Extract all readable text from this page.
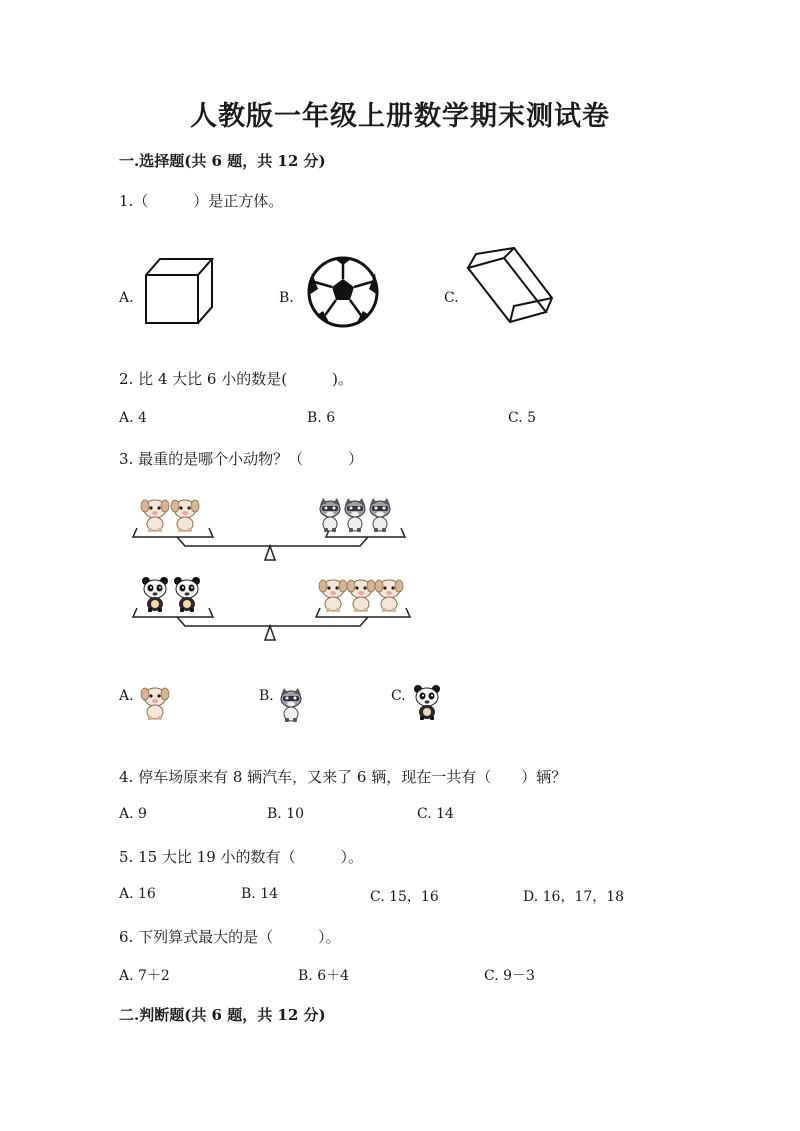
人教版一年级上册数学期末测试卷
一.选择题(共 6 题，共 12 分)
1.（　　　）是正方体。
A.	B.	C.
2. 比 4 大比 6 小的数是(　　　)。
A. 4	B. 6	C. 5
3. 最重的是哪个小动物？（　　　）
A.	B.	C.
4. 停车场原来有 8 辆汽车，又来了 6 辆，现在一共有（　　）辆？
A. 9	B. 10	C. 14
5. 15 大比 19 小的数有（　　　）。
A. 16	B. 14	C. 15，16	D. 16，17，18
6. 下列算式最大的是（　　　）。
A. 7＋2	B. 6＋4	C. 9－3
二.判断题(共 6 题，共 12 分)
